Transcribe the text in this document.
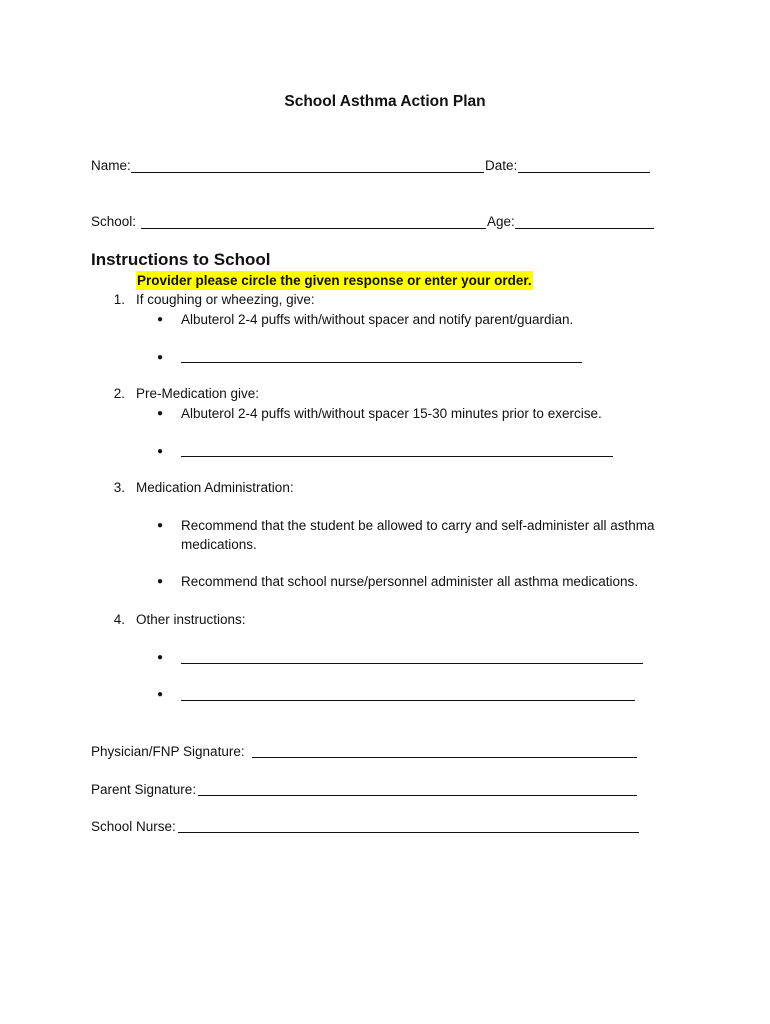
School Asthma Action Plan
Name:	Date:
School:	Age:
Instructions to School
Provider please circle the given response or enter your order.
1. If coughing or wheezing, give:
● Albuterol 2-4 puffs with/without spacer and notify parent/guardian.
●
2. Pre-Medication give:
● Albuterol 2-4 puffs with/without spacer 15-30 minutes prior to exercise.
●
3. Medication Administration:
● Recommend that the student be allowed to carry and self-administer all asthma
medications.
● Recommend that school nurse/personnel administer all asthma medications.
4. Other instructions:
●
●
Physician/FNP Signature:
Parent Signature:
School Nurse:
